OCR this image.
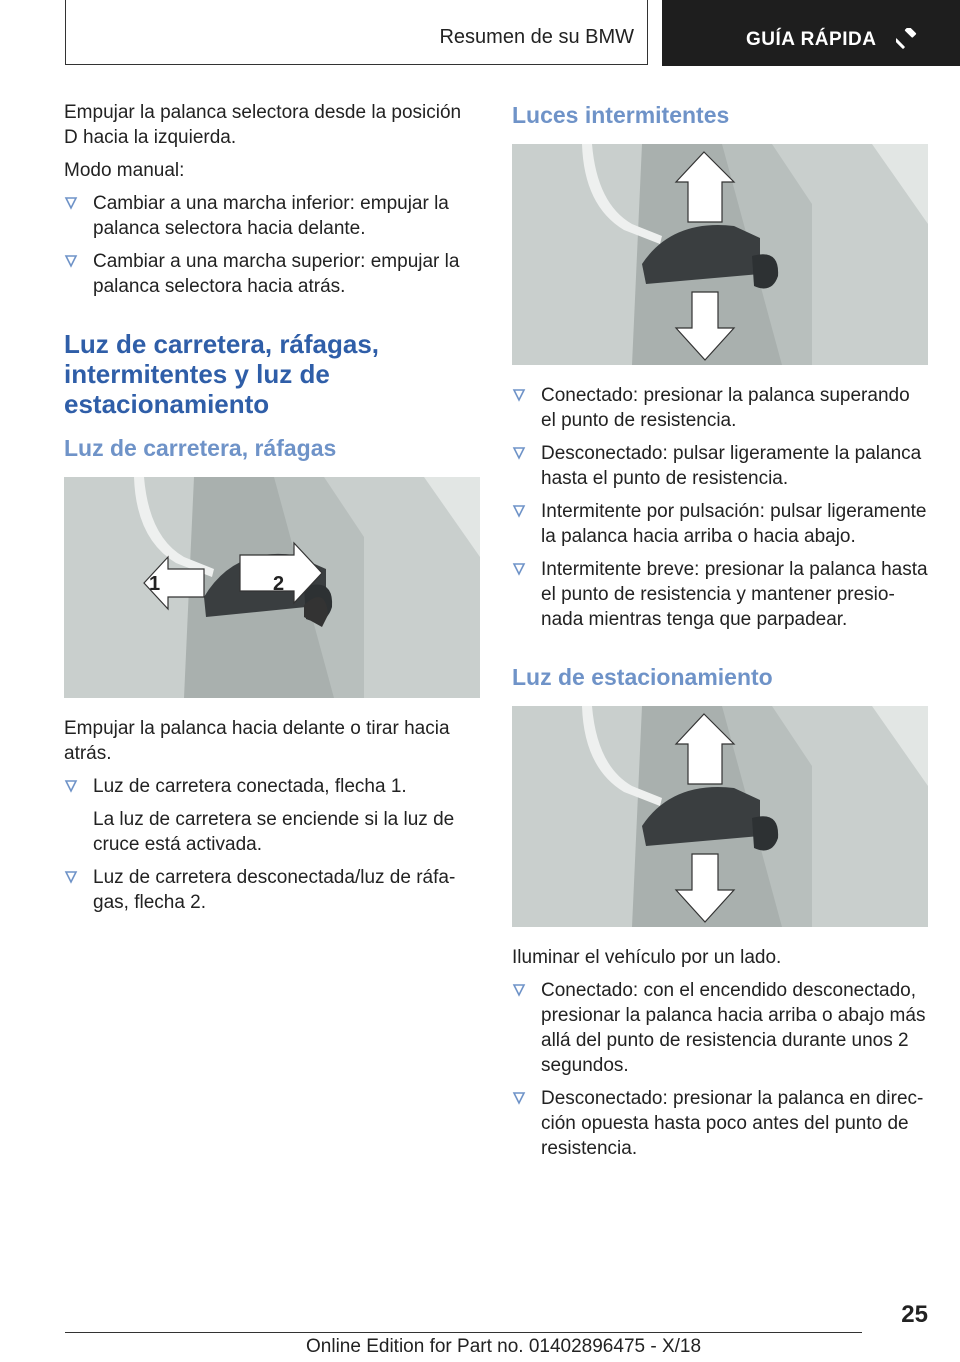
Resumen de su BMW	GUÍA RÁPIDA

Empujar la palanca selectora desde la posición D hacia la izquierda.

Modo manual:

Cambiar a una marcha inferior: empujar la palanca selectora hacia delante.
Cambiar a una marcha superior: empujar la palanca selectora hacia atrás.
Luz de carretera, ráfagas, intermitentes y luz de estacionamiento
Luz de carretera, ráfagas
1	2

Empujar la palanca hacia delante o tirar hacia atrás.

Luz de carretera conectada, flecha 1.
La luz de carretera se enciende si la luz de cruce está activada.
Luz de carretera desconectada/luz de ráfagas, flecha 2.
Luces intermitentes
Conectado: presionar la palanca superando el punto de resistencia.
Desconectado: pulsar ligeramente la palanca hasta el punto de resistencia.
Intermitente por pulsación: pulsar ligeramente la palanca hacia arriba o hacia abajo.
Intermitente breve: presionar la palanca hasta el punto de resistencia y mantener presionada mientras tenga que parpadear.
Luz de estacionamiento

Iluminar el vehículo por un lado.

Conectado: con el encendido desconectado, presionar la palanca hacia arriba o abajo más allá del punto de resistencia durante unos 2 segundos.
Desconectado: presionar la palanca en dirección opuesta hasta poco antes del punto de resistencia.
25
Online Edition for Part no. 01402896475 - X/18
